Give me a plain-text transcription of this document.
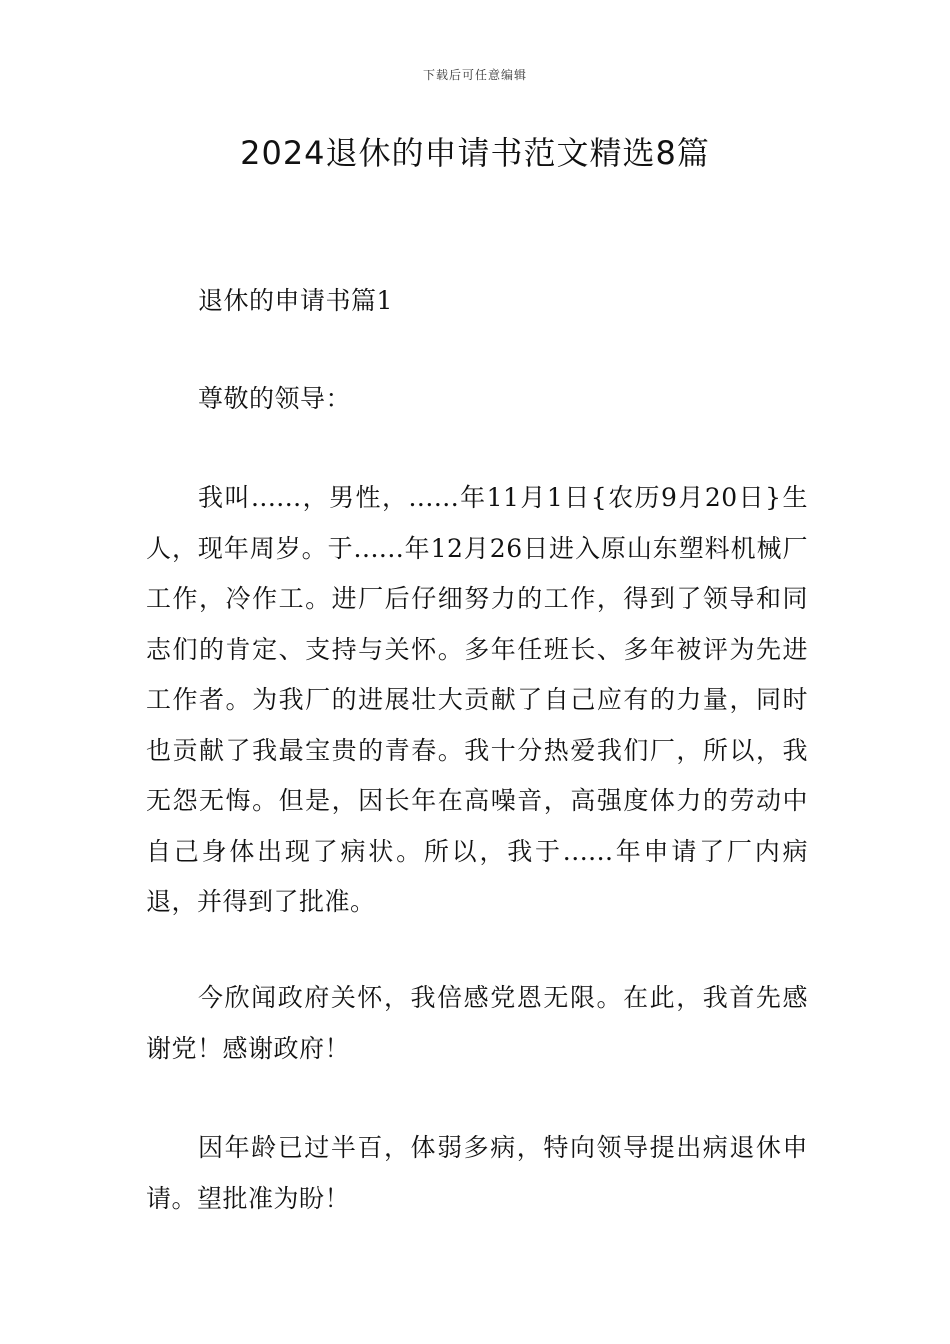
下载后可任意编辑
2024退休的申请书范文精选8篇

退休的申请书篇1

尊敬的领导：

我叫......，男性，......年11月1日{农历9月20日}生人，现年周岁。于......年12月26日进入原山东塑料机械厂工作，冷作工。进厂后仔细努力的工作，得到了领导和同志们的肯定、支持与关怀。多年任班长、多年被评为先进工作者。为我厂的进展壮大贡献了自己应有的力量，同时也贡献了我最宝贵的青春。我十分热爱我们厂，所以，我无怨无悔。但是，因长年在高噪音，高强度体力的劳动中自己身体出现了病状。所以，我于......年申请了厂内病退，并得到了批准。

今欣闻政府关怀，我倍感党恩无限。在此，我首先感谢党！感谢政府！

因年龄已过半百，体弱多病，特向领导提出病退休申请。望批准为盼！
